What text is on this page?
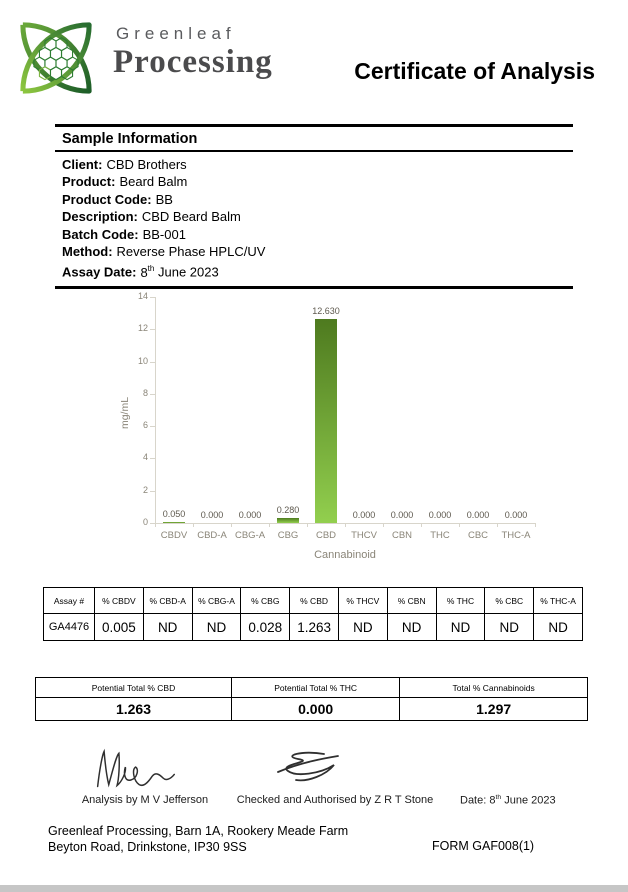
Greenleaf
Processing	Certificate of Analysis
Sample Information
Client: CBD Brothers
Product: Beard Balm
Product Code: BB
Description: CBD Beard Balm
Batch Code: BB-001
Method: Reverse Phase HPLC/UV
Assay Date: 8th June 2023
0
2
4
6
8
10
12
14
0.050
CBDV
0.000
CBD-A
0.000
CBG-A
0.280
CBG
12.630
CBD
0.000
THCV
0.000
CBN
0.000
THC
0.000
CBC
0.000
THC-A
Cannabinoid
mg/mL
Assay #	% CBDV	% CBD-A	% CBG-A	% CBG	% CBD	% THCV	% CBN	% THC	% CBC	% THC-A
GA4476	0.005	ND	ND	0.028	1.263	ND	ND	ND	ND	ND
Potential Total % CBD	Potential Total % THC	Total % Cannabinoids
1.263	0.000	1.297
Analysis by M V Jefferson	Checked and Authorised by Z R T Stone Date: 8th June 2023
Greenleaf Processing, Barn 1A, Rookery Meade Farm
Beyton Road, Drinkstone, IP30 9SS	FORM GAF008(1)
